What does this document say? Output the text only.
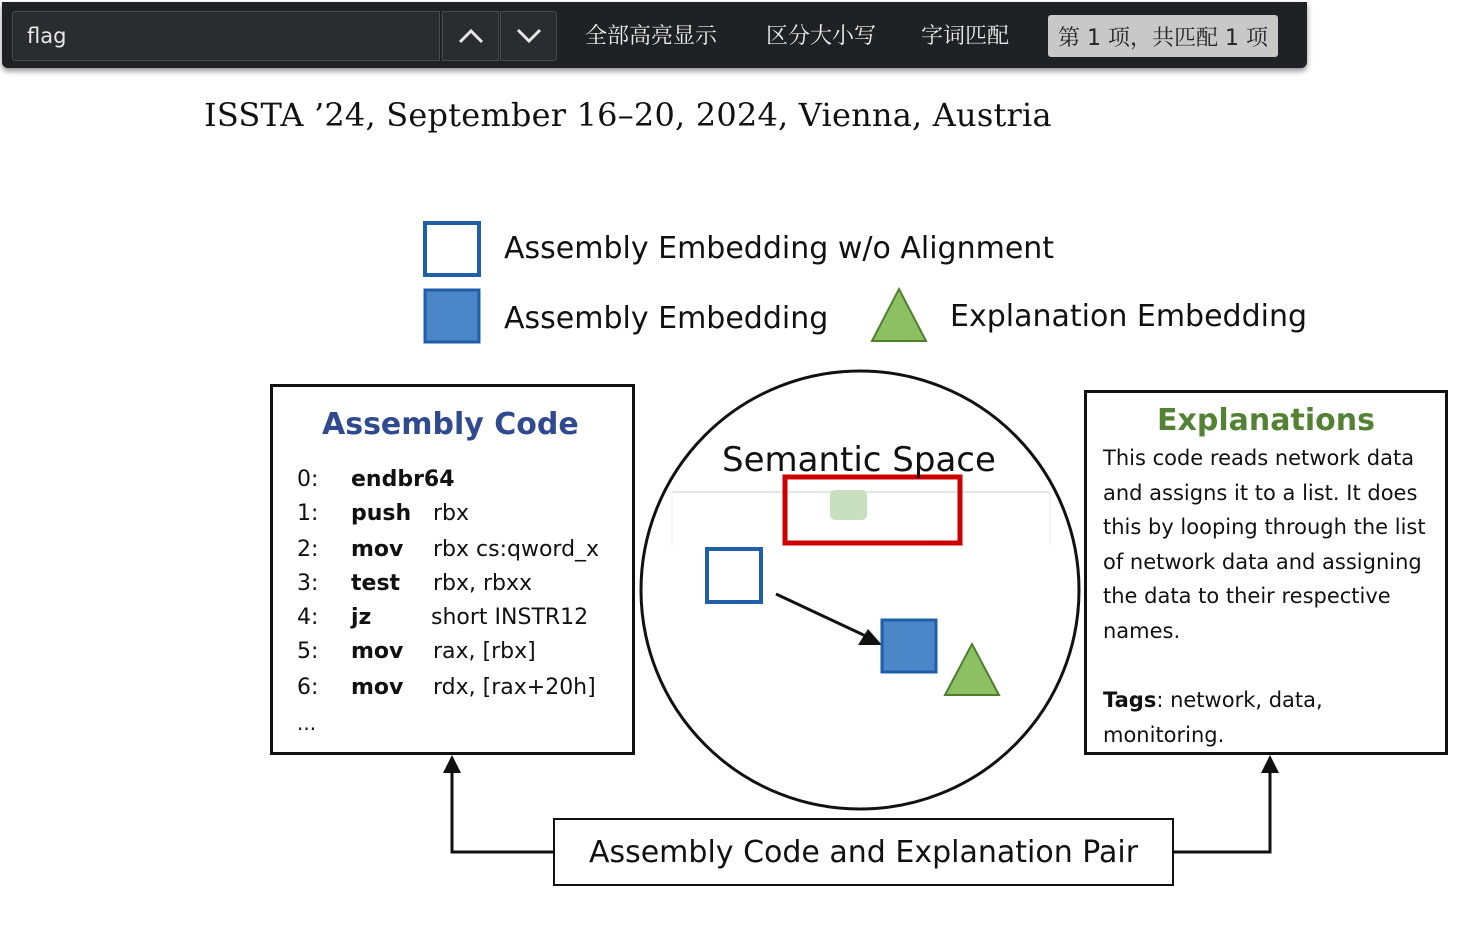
flag
全部高亮显示 区分大小写 字词匹配	第 1 项，共匹配 1 项
ISSTA ’24, September 16–20, 2024, Vienna, Austria
Assembly Embedding w/o Alignment
Assembly Embedding	Explanation Embedding
Semantic Space
Assembly Code
0: endbr64
1: push rbx
2: mov rbx cs:qword_x
3: test rbx, rbxx
4: jz	short INSTR12
5: mov rax, [rbx]
6: mov rdx, [rax+20h]
...
Explanations
This code reads network data and assigns it to a list. It does this by looping through the list of network data and assigning the data to their respective names.
Tags: network, data, monitoring.
Assembly Code and Explanation Pair
